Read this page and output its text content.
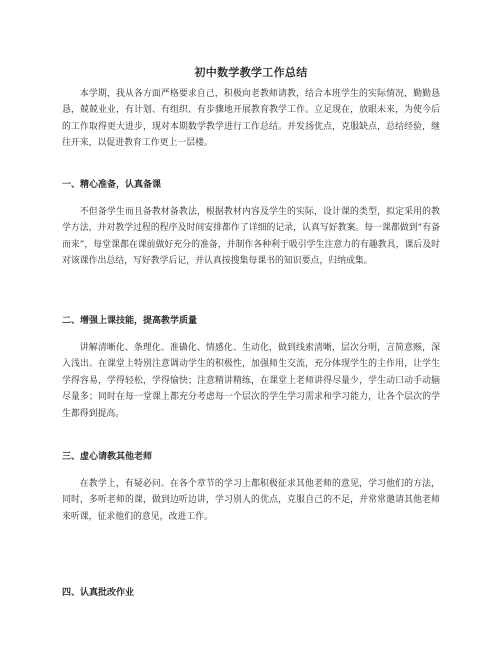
初中数学教学工作总结

本学期，我从各方面严格要求自己，积极向老教师请教，结合本班学生的实际情况，勤勤恳恳，兢兢业业，有计划、有组织、有步骤地开展教育教学工作。立足现在，放眼未来，为使今后的工作取得更大进步，现对本期数学教学进行工作总结。并发扬优点，克服缺点，总结经验，继往开来，以促进教育工作更上一层楼。

一、精心准备，认真备课

不但备学生而且备教材备教法，根据教材内容及学生的实际，设计课的类型，拟定采用的教学方法，并对教学过程的程序及时间安排都作了详细的记录，认真写好教案。每一课都做到“有备而来”，每堂课都在课前做好充分的准备，并制作各种利于吸引学生注意力的有趣教具，课后及时对该课作出总结，写好教学后记，并认真按搜集每课书的知识要点，归纳成集。

二、增强上课技能，提高教学质量

讲解清晰化、条理化、准确化、情感化、生动化，做到线索清晰，层次分明，言简意赅，深入浅出。在课堂上特别注意调动学生的积极性，加强师生交流，充分体现学生的主作用，让学生学得容易，学得轻松，学得愉快；注意精讲精练，在课堂上老师讲得尽量少，学生动口动手动脑尽量多；同时在每一堂课上都充分考虑每一个层次的学生学习需求和学习能力，让各个层次的学生都得到提高。

三、虚心请教其他老师

在教学上，有疑必问。在各个章节的学习上都积极征求其他老师的意见，学习他们的方法，同时，多听老师的课，做到边听边讲，学习别人的优点，克服自己的不足，并常常邀请其他老师来听课，征求他们的意见，改进工作。

四、认真批改作业
